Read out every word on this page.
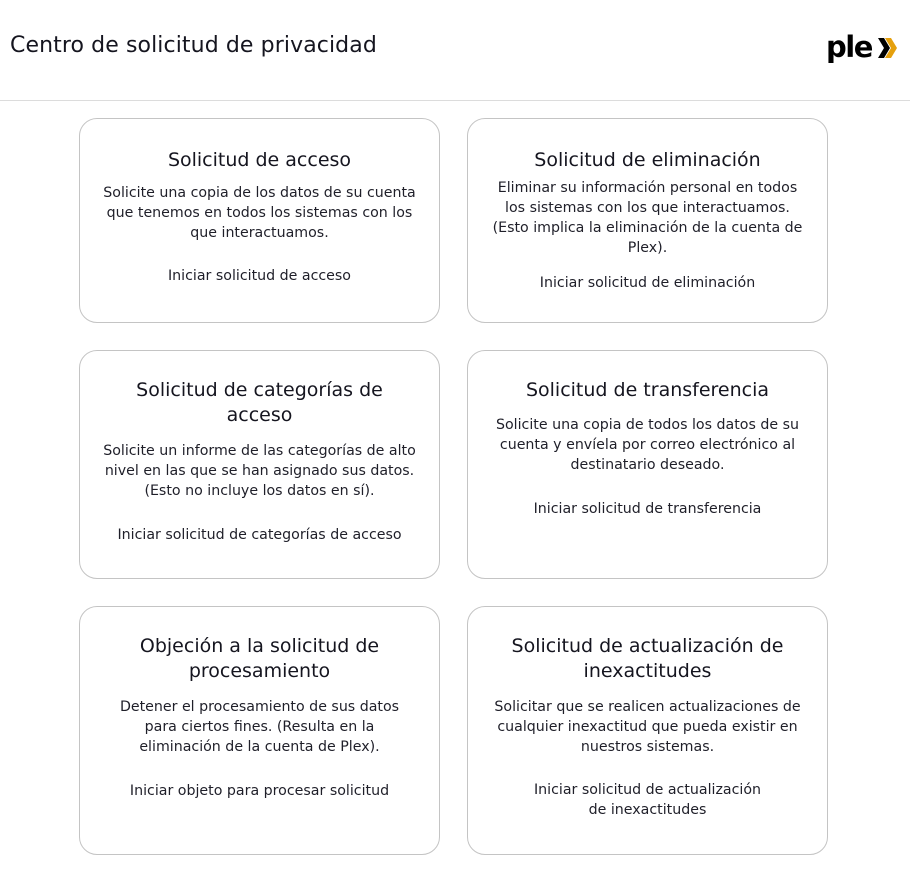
Centro de solicitud de privacidad	ple
Solicitud de acceso

Solicite una copia de los datos de su cuenta que tenemos en todos los sistemas con los que interactuamos.

Iniciar solicitud de acceso
Solicitud de eliminación

Eliminar su información personal en todos los sistemas con los que interactuamos. (Esto implica la eliminación de la cuenta de Plex).

Iniciar solicitud de eliminación
Solicitud de categorías de acceso

Solicite un informe de las categorías de alto nivel en las que se han asignado sus datos. (Esto no incluye los datos en sí).

Iniciar solicitud de categorías de acceso
Solicitud de transferencia

Solicite una copia de todos los datos de su cuenta y envíela por correo electrónico al destinatario deseado.

Iniciar solicitud de transferencia
Objeción a la solicitud de procesamiento

Detener el procesamiento de sus datos para ciertos fines. (Resulta en la eliminación de la cuenta de Plex).

Iniciar objeto para procesar solicitud
Solicitud de actualización de inexactitudes

Solicitar que se realicen actualizaciones de cualquier inexactitud que pueda existir en nuestros sistemas.

Iniciar solicitud de actualización de inexactitudes
